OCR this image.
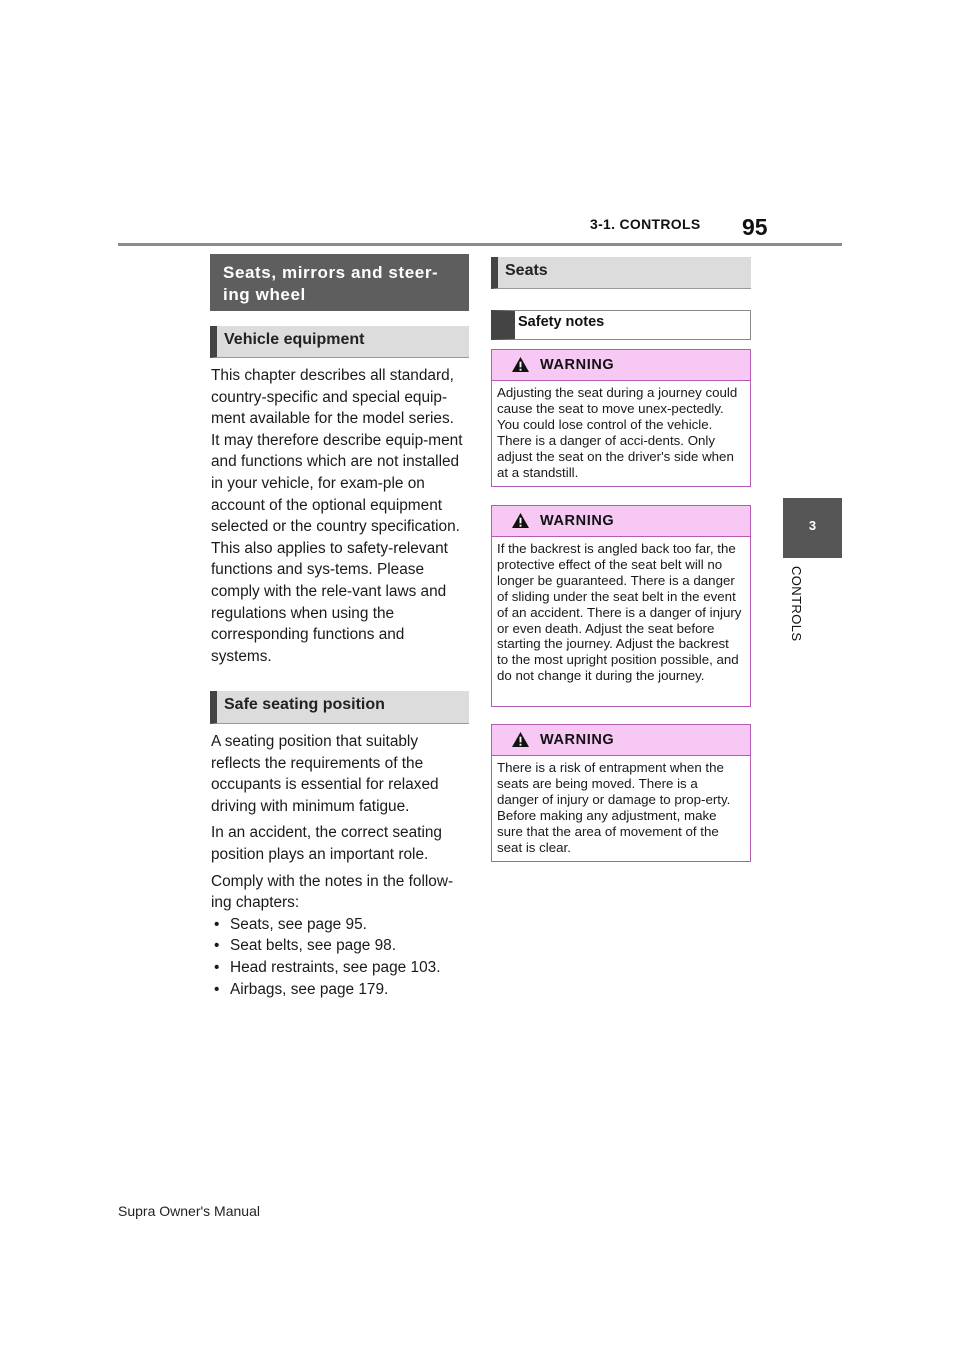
3-1. CONTROLS 95
3
CONTROLS
Seats, mirrors and steer-ing wheel
Vehicle equipment

This chapter describes all standard, country-specific and special equip-ment available for the model series. It may therefore describe equip-ment and functions which are not installed in your vehicle, for exam-ple on account of the optional equipment selected or the country specification. This also applies to safety-relevant functions and sys-tems. Please comply with the rele-vant laws and regulations when using the corresponding functions and systems.

Safe seating position

A seating position that suitably reflects the requirements of the occupants is essential for relaxed driving with minimum fatigue.

In an accident, the correct seating position plays an important role.

Comply with the notes in the follow-ing chapters:

• Seats, see page 95.
• Seat belts, see page 98.
• Head restraints, see page 103.
• Airbags, see page 179.
Seats
Safety notes
WARNING
Adjusting the seat during a journey could cause the seat to move unex-pectedly. You could lose control of the vehicle. There is a danger of acci-dents. Only adjust the seat on the driver's side when at a standstill.
WARNING
If the backrest is angled back too far, the protective effect of the seat belt will no longer be guaranteed. There is a danger of sliding under the seat belt in the event of an accident. There is a danger of injury or even death. Adjust the seat before starting the journey. Adjust the backrest to the most upright position possible, and do not change it during the journey.
WARNING
There is a risk of entrapment when the seats are being moved. There is a danger of injury or damage to prop-erty. Before making any adjustment, make sure that the area of movement of the seat is clear.
Supra Owner's Manual
